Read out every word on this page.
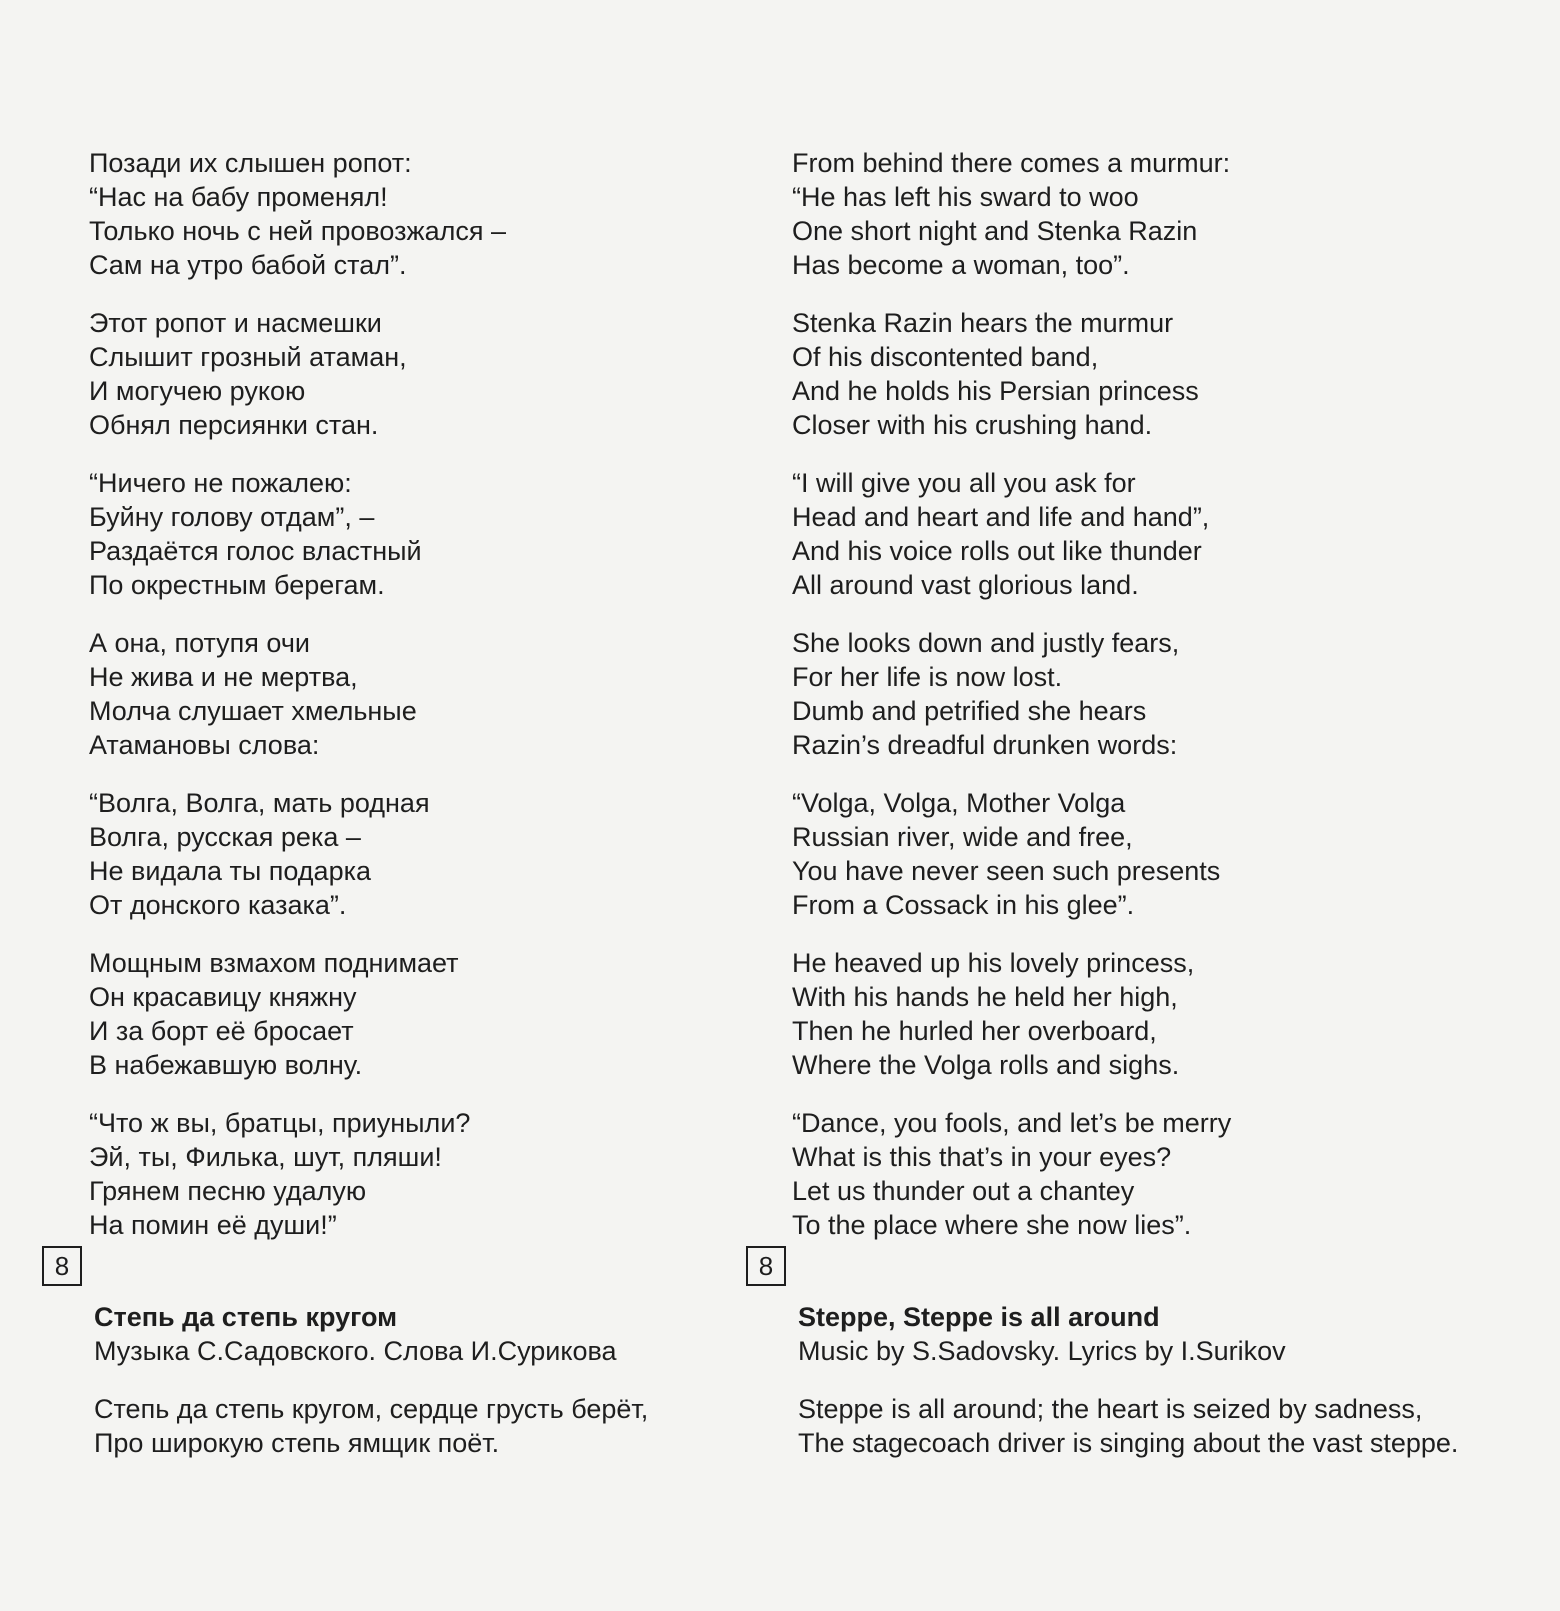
Позади их слышен ропот:
“Нас на бабу променял!
Только ночь с ней провозжался –
Сам на утро бабой стал”.
Этот ропот и насмешки
Слышит грозный атаман,
И могучею рукою
Обнял персиянки стан.
“Ничего не пожалею:
Буйну голову отдам”, –
Раздаётся голос властный
По окрестным берегам.
А она, потупя очи
Не жива и не мертва,
Молча слушает хмельные
Атамановы слова:
“Волга, Волга, мать родная
Волга, русская река –
Не видала ты подарка
От донского казака”.
Мощным взмахом поднимает
Он красавицу княжну
И за борт её бросает
В набежавшую волну.
“Что ж вы, братцы, приуныли?
Эй, ты, Филька, шут, пляши!
Грянем песню удалую
На помин её души!”
From behind there comes a murmur:
“He has left his sward to woo
One short night and Stenka Razin
Has become a woman, too”.
Stenka Razin hears the murmur
Of his discontented band,
And he holds his Persian princess
Closer with his crushing hand.
“I will give you all you ask for
Head and heart and life and hand”,
And his voice rolls out like thunder
All around vast glorious land.
She looks down and justly fears,
For her life is now lost.
Dumb and petrified she hears
Razin’s dreadful drunken words:
“Volga, Volga, Mother Volga
Russian river, wide and free,
You have never seen such presents
From a Cossack in his glee”.
He heaved up his lovely princess,
With his hands he held her high,
Then he hurled her overboard,
Where the Volga rolls and sighs.
“Dance, you fools, and let’s be merry
What is this that’s in your eyes?
Let us thunder out a chantey
To the place where she now lies”.
8
Степь да степь кругом
Музыка С.Садовского. Слова И.Сурикова
Степь да степь кругом, сердце грусть берёт,
Про широкую степь ямщик поёт.
8
Steppe, Steppe is all around
Music by S.Sadovsky. Lyrics by I.Surikov
Steppe is all around; the heart is seized by sadness,
The stagecoach driver is singing about the vast steppe.
